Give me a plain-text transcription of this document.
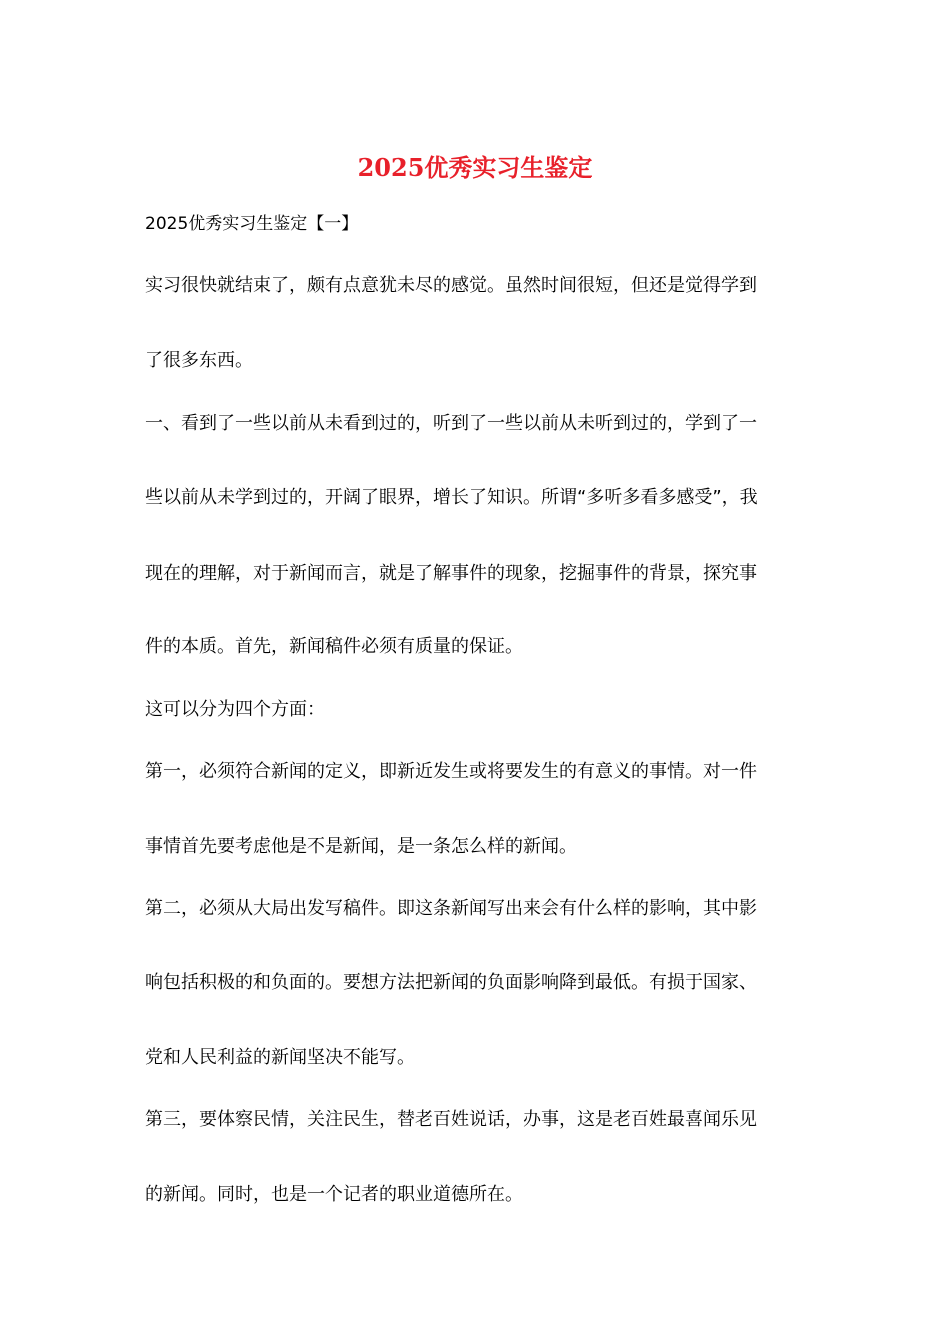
2025优秀实习生鉴定
2025优秀实习生鉴定【一】

实习很快就结束了，颇有点意犹未尽的感觉。虽然时间很短，但还是觉得学到

了很多东西。

一、看到了一些以前从未看到过的，听到了一些以前从未听到过的，学到了一

些以前从未学到过的，开阔了眼界，增长了知识。所谓“多听多看多感受”，我

现在的理解，对于新闻而言，就是了解事件的现象，挖掘事件的背景，探究事

件的本质。首先，新闻稿件必须有质量的保证。

这可以分为四个方面：

第一，必须符合新闻的定义，即新近发生或将要发生的有意义的事情。对一件

事情首先要考虑他是不是新闻，是一条怎么样的新闻。

第二，必须从大局出发写稿件。即这条新闻写出来会有什么样的影响，其中影

响包括积极的和负面的。要想方法把新闻的负面影响降到最低。有损于国家、

党和人民利益的新闻坚决不能写。

第三，要体察民情，关注民生，替老百姓说话，办事，这是老百姓最喜闻乐见

的新闻。同时，也是一个记者的职业道德所在。
